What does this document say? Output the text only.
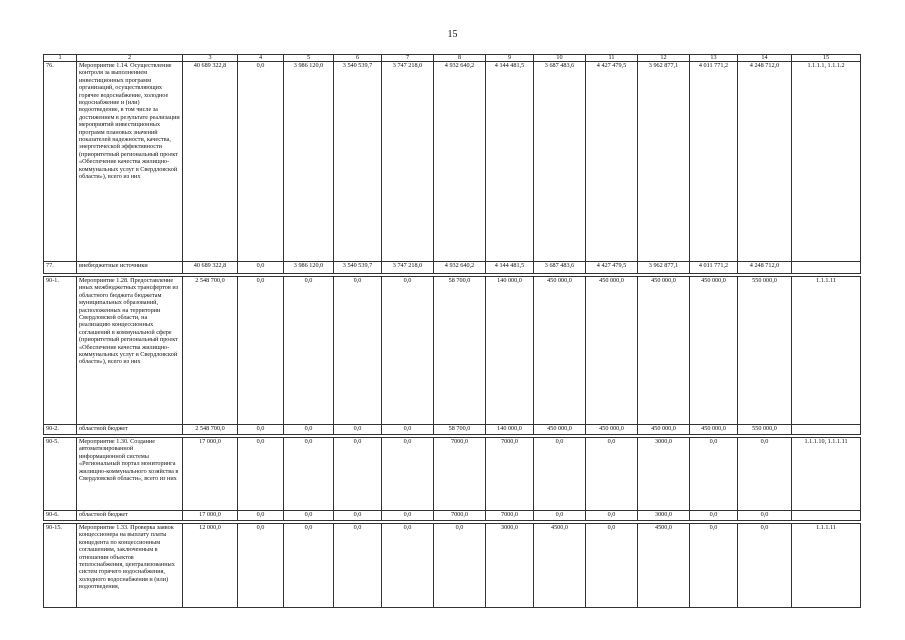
15
1	2	3	4	5	6	7	8	9	10	11	12	13	14	15
76.	Мероприятие 1.14. Осуществление контроля за выполнением инвестиционных программ организаций, осуществляющих горячее водоснабжение, холодное водоснабжение и (или) водоотведение, в том числе за достижением в результате реализации мероприятий инвестиционных программ плановых значений показателей надежности, качества, энергетической эффективности (приоритетный региональный проект «Обеспечение качества жилищно-коммунальных услуг в Свердловской области»), всего из них	40 689 322,8	0,0	3 986 120,0	3 540 539,7	3 747 218,0	4 932 640,2	4 144 481,5	3 687 483,6	4 427 479,5	3 962 877,1	4 011 771,2	4 248 712,0	1.1.1.1, 1.1.1.2
77.	внебюджетные источники	40 689 322,8	0,0	3 986 120,0	3 540 539,7	3 747 218,0	4 932 640,2	4 144 481,5	3 687 483,6	4 427 479,5	3 962 877,1	4 011 771,2	4 248 712,0	

90-1.	Мероприятие 1.28. Предоставление иных межбюджетных трансфертов из областного бюджета бюджетам муниципальных образований, расположенных на территории Свердловской области, на реализацию концессионных соглашений в коммунальной сфере (приоритетный региональный проект «Обеспечение качества жилищно-коммунальных услуг в Свердловской области»), всего из них	2 548 700,0	0,0	0,0	0,0	0,0	58 700,0	140 000,0	450 000,0	450 000,0	450 000,0	450 000,0	550 000,0	1.1.1.11
90-2.	областной бюджет	2 548 700,0	0,0	0,0	0,0	0,0	58 700,0	140 000,0	450 000,0	450 000,0	450 000,0	450 000,0	550 000,0	

90-5.	Мероприятие 1.30. Создание автоматизированной информационной системы «Региональный портал мониторинга жилищно-коммунального хозяйства в Свердловской области», всего из них	17 000,0	0,0	0,0	0,0	0,0	7000,0	7000,0	0,0	0,0	3000,0	0,0	0,0	1.1.1.10, 1.1.1.11
90-6.	областной бюджет	17 000,0	0,0	0,0	0,0	0,0	7000,0	7000,0	0,0	0,0	3000,0	0,0	0,0	

90-15.	Мероприятие 1.33. Проверка заявок концессионера на выплату платы концедента по концессионным соглашениям, заключенным в отношении объектов теплоснабжения, централизованных систем горячего водоснабжения, холодного водоснабжения и (или) водоотведения,	12 000,0	0,0	0,0	0,0	0,0	0,0	3000,0	4500,0	0,0	4500,0	0,0	0,0	1.1.1.11
